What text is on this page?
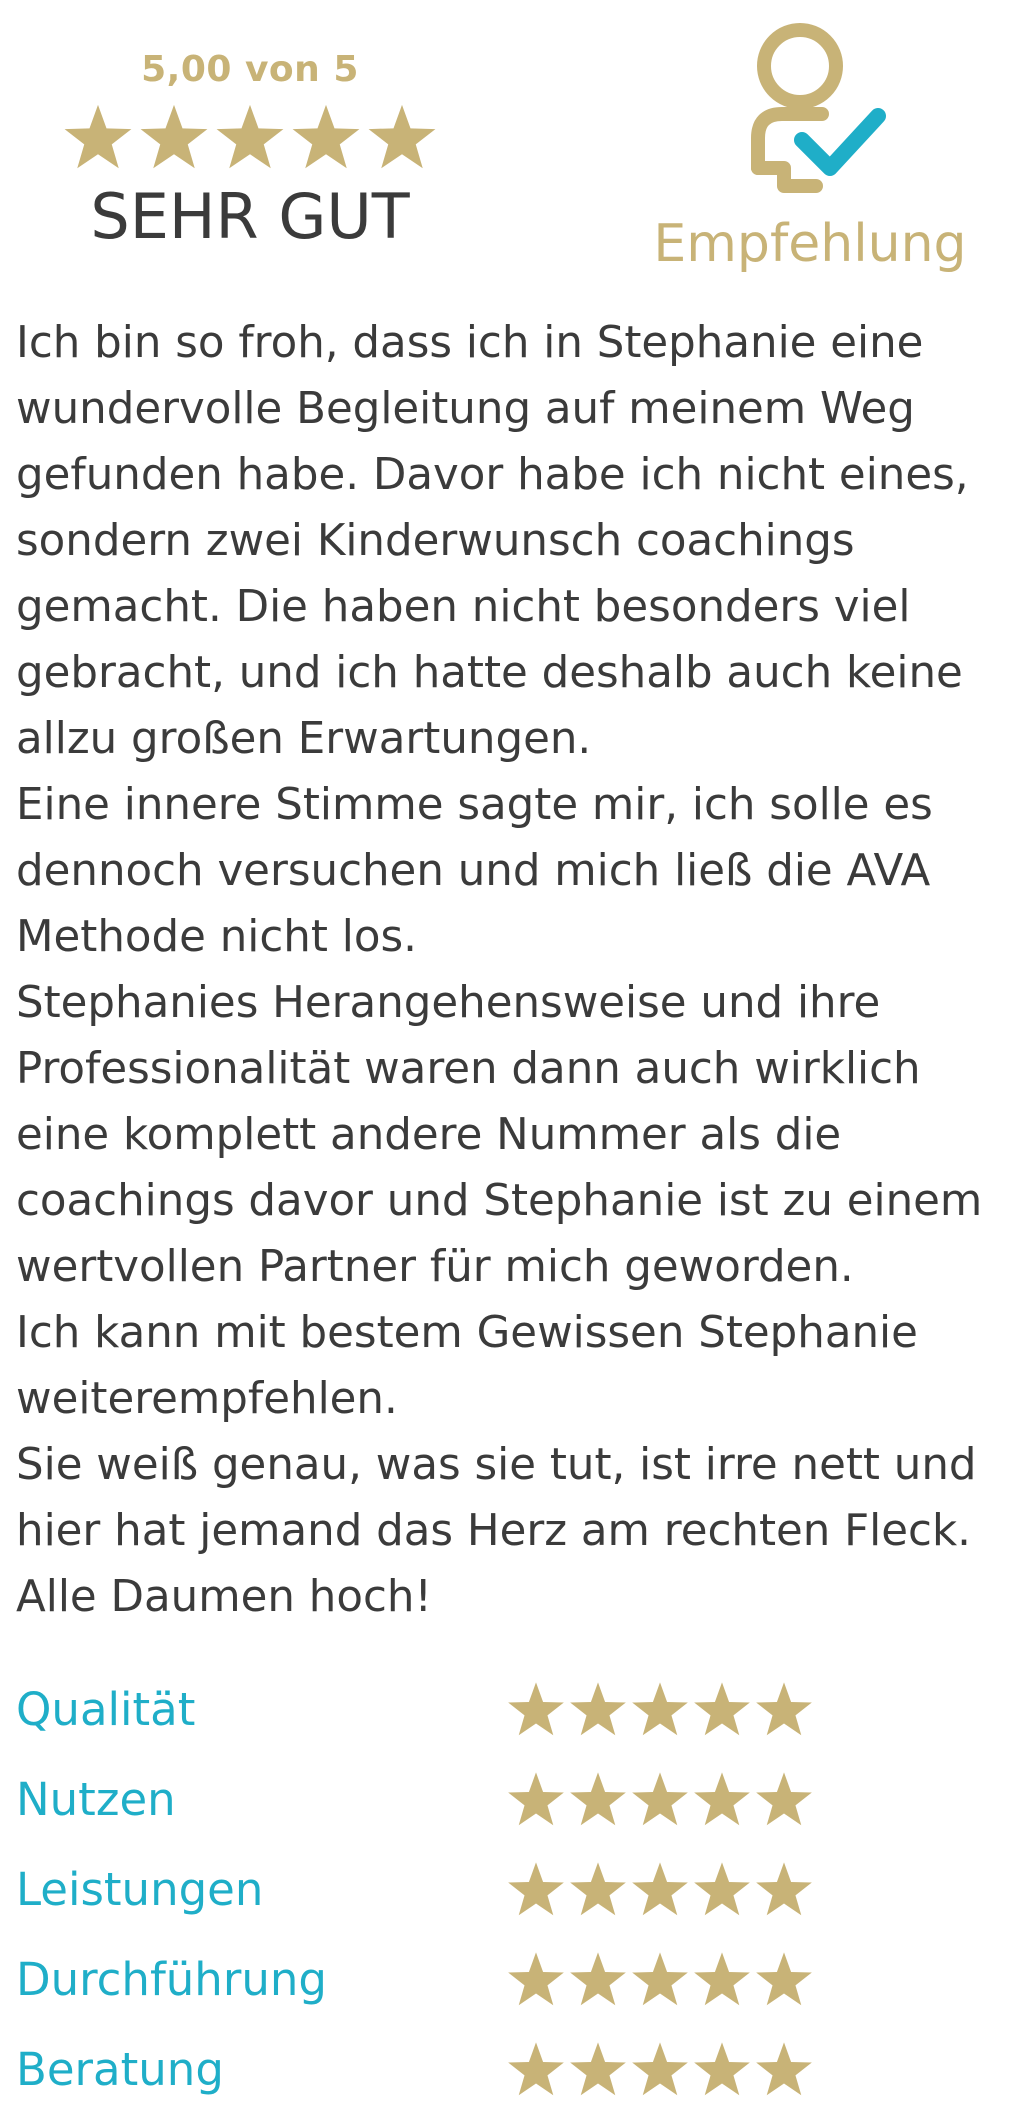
5,00 von 5
SEHR GUT	Empfehlung

Ich bin so froh, dass ich in Stephanie eine wundervolle Begleitung auf meinem Weg gefunden habe. Davor habe ich nicht eines, sondern zwei Kinderwunsch coachings gemacht. Die haben nicht besonders viel gebracht, und ich hatte deshalb auch keine allzu großen Erwartungen.

Eine innere Stimme sagte mir, ich solle es dennoch versuchen und mich ließ die AVA Methode nicht los.

Stephanies Herangehensweise und ihre Professionalität waren dann auch wirklich eine komplett andere Nummer als die coachings davor und Stephanie ist zu einem wertvollen Partner für mich geworden.

Ich kann mit bestem Gewissen Stephanie weiterempfehlen.

Sie weiß genau, was sie tut, ist irre nett und hier hat jemand das Herz am rechten Fleck.

Alle Daumen hoch!

Qualität
Nutzen
Leistungen
Durchführung
Beratung
